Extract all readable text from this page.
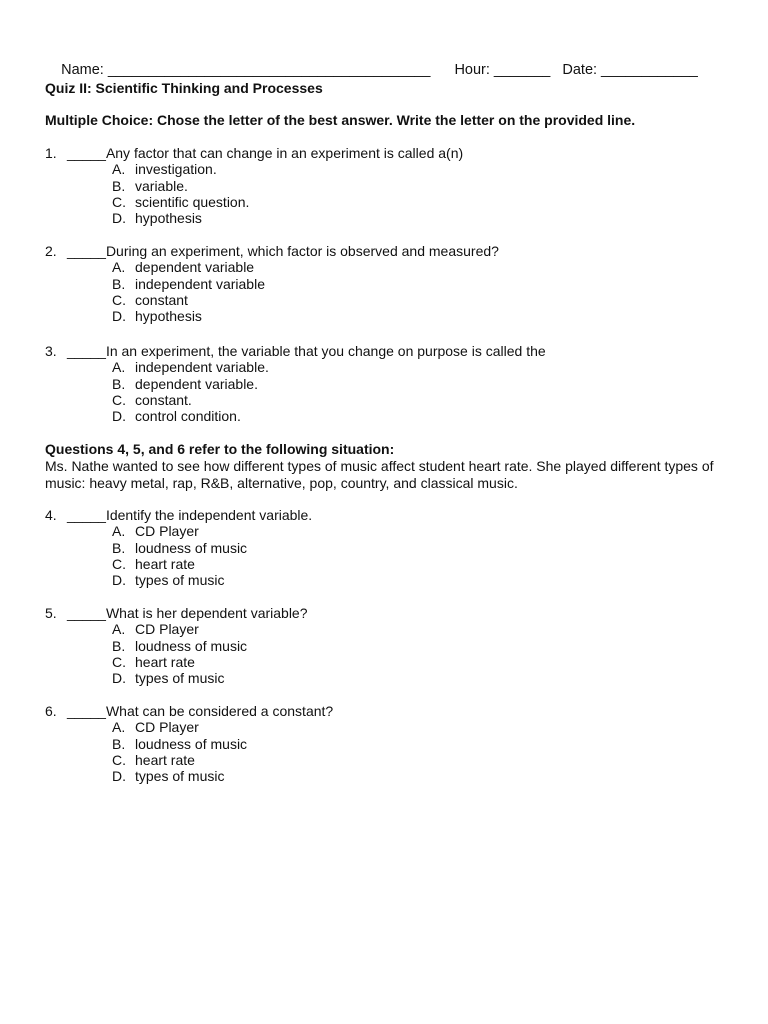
Name: ________________________________________ Hour: _______ Date: ____________

Quiz II: Scientific Thinking and Processes
Multiple Choice: Chose the letter of the best answer. Write the letter on the provided line.
1. _____ Any factor that can change in an experiment is called a(n)
A. investigation.
B. variable.
C. scientific question.
D. hypothesis
2. _____ During an experiment, which factor is observed and measured?
A. dependent variable
B. independent variable
C. constant
D. hypothesis
3. _____ In an experiment, the variable that you change on purpose is called the
A. independent variable.
B. dependent variable.
C. constant.
D. control condition.
Questions 4, 5, and 6 refer to the following situation:
Ms. Nathe wanted to see how different types of music affect student heart rate. She played different types of music: heavy metal, rap, R&B, alternative, pop, country, and classical music.
4. _____ Identify the independent variable.
A. CD Player
B. loudness of music
C. heart rate
D. types of music
5. _____ What is her dependent variable?
A. CD Player
B. loudness of music
C. heart rate
D. types of music
6. _____ What can be considered a constant?
A. CD Player
B. loudness of music
C. heart rate
D. types of music
